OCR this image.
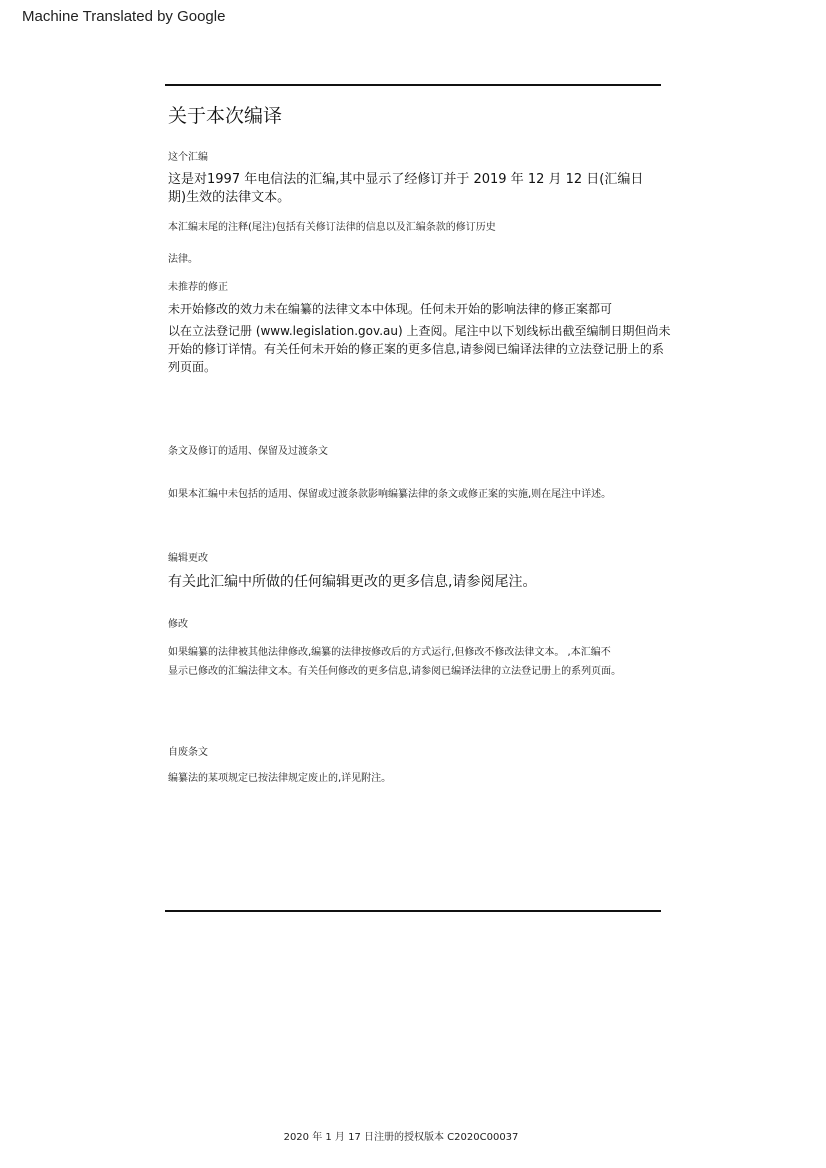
Machine Translated by Google
关于本次编译
这个汇编
这是对1997 年电信法的汇编,其中显示了经修订并于 2019 年 12 月 12 日(汇编日
期)生效的法律文本。
本汇编末尾的注释(尾注)包括有关修订法律的信息以及汇编条款的修订历史
法律。
未推荐的修正
未开始修改的效力未在编纂的法律文本中体现。任何未开始的影响法律的修正案都可
以在立法登记册 (www.legislation.gov.au) 上查阅。尾注中以下划线标出截至编制日期但尚未
开始的修订详情。有关任何未开始的修正案的更多信息,请参阅已编译法律的立法登记册上的系
列页面。
条文及修订的适用、保留及过渡条文
如果本汇编中未包括的适用、保留或过渡条款影响编纂法律的条文或修正案的实施,则在尾注中详述。
编辑更改
有关此汇编中所做的任何编辑更改的更多信息,请参阅尾注。
修改
如果编纂的法律被其他法律修改,编纂的法律按修改后的方式运行,但修改不修改法律文本。 ,本汇编不
显示已修改的汇编法律文本。有关任何修改的更多信息,请参阅已编译法律的立法登记册上的系列页面。
自废条文
编纂法的某项规定已按法律规定废止的,详见附注。
2020 年 1 月 17 日注册的授权版本 C2020C00037
